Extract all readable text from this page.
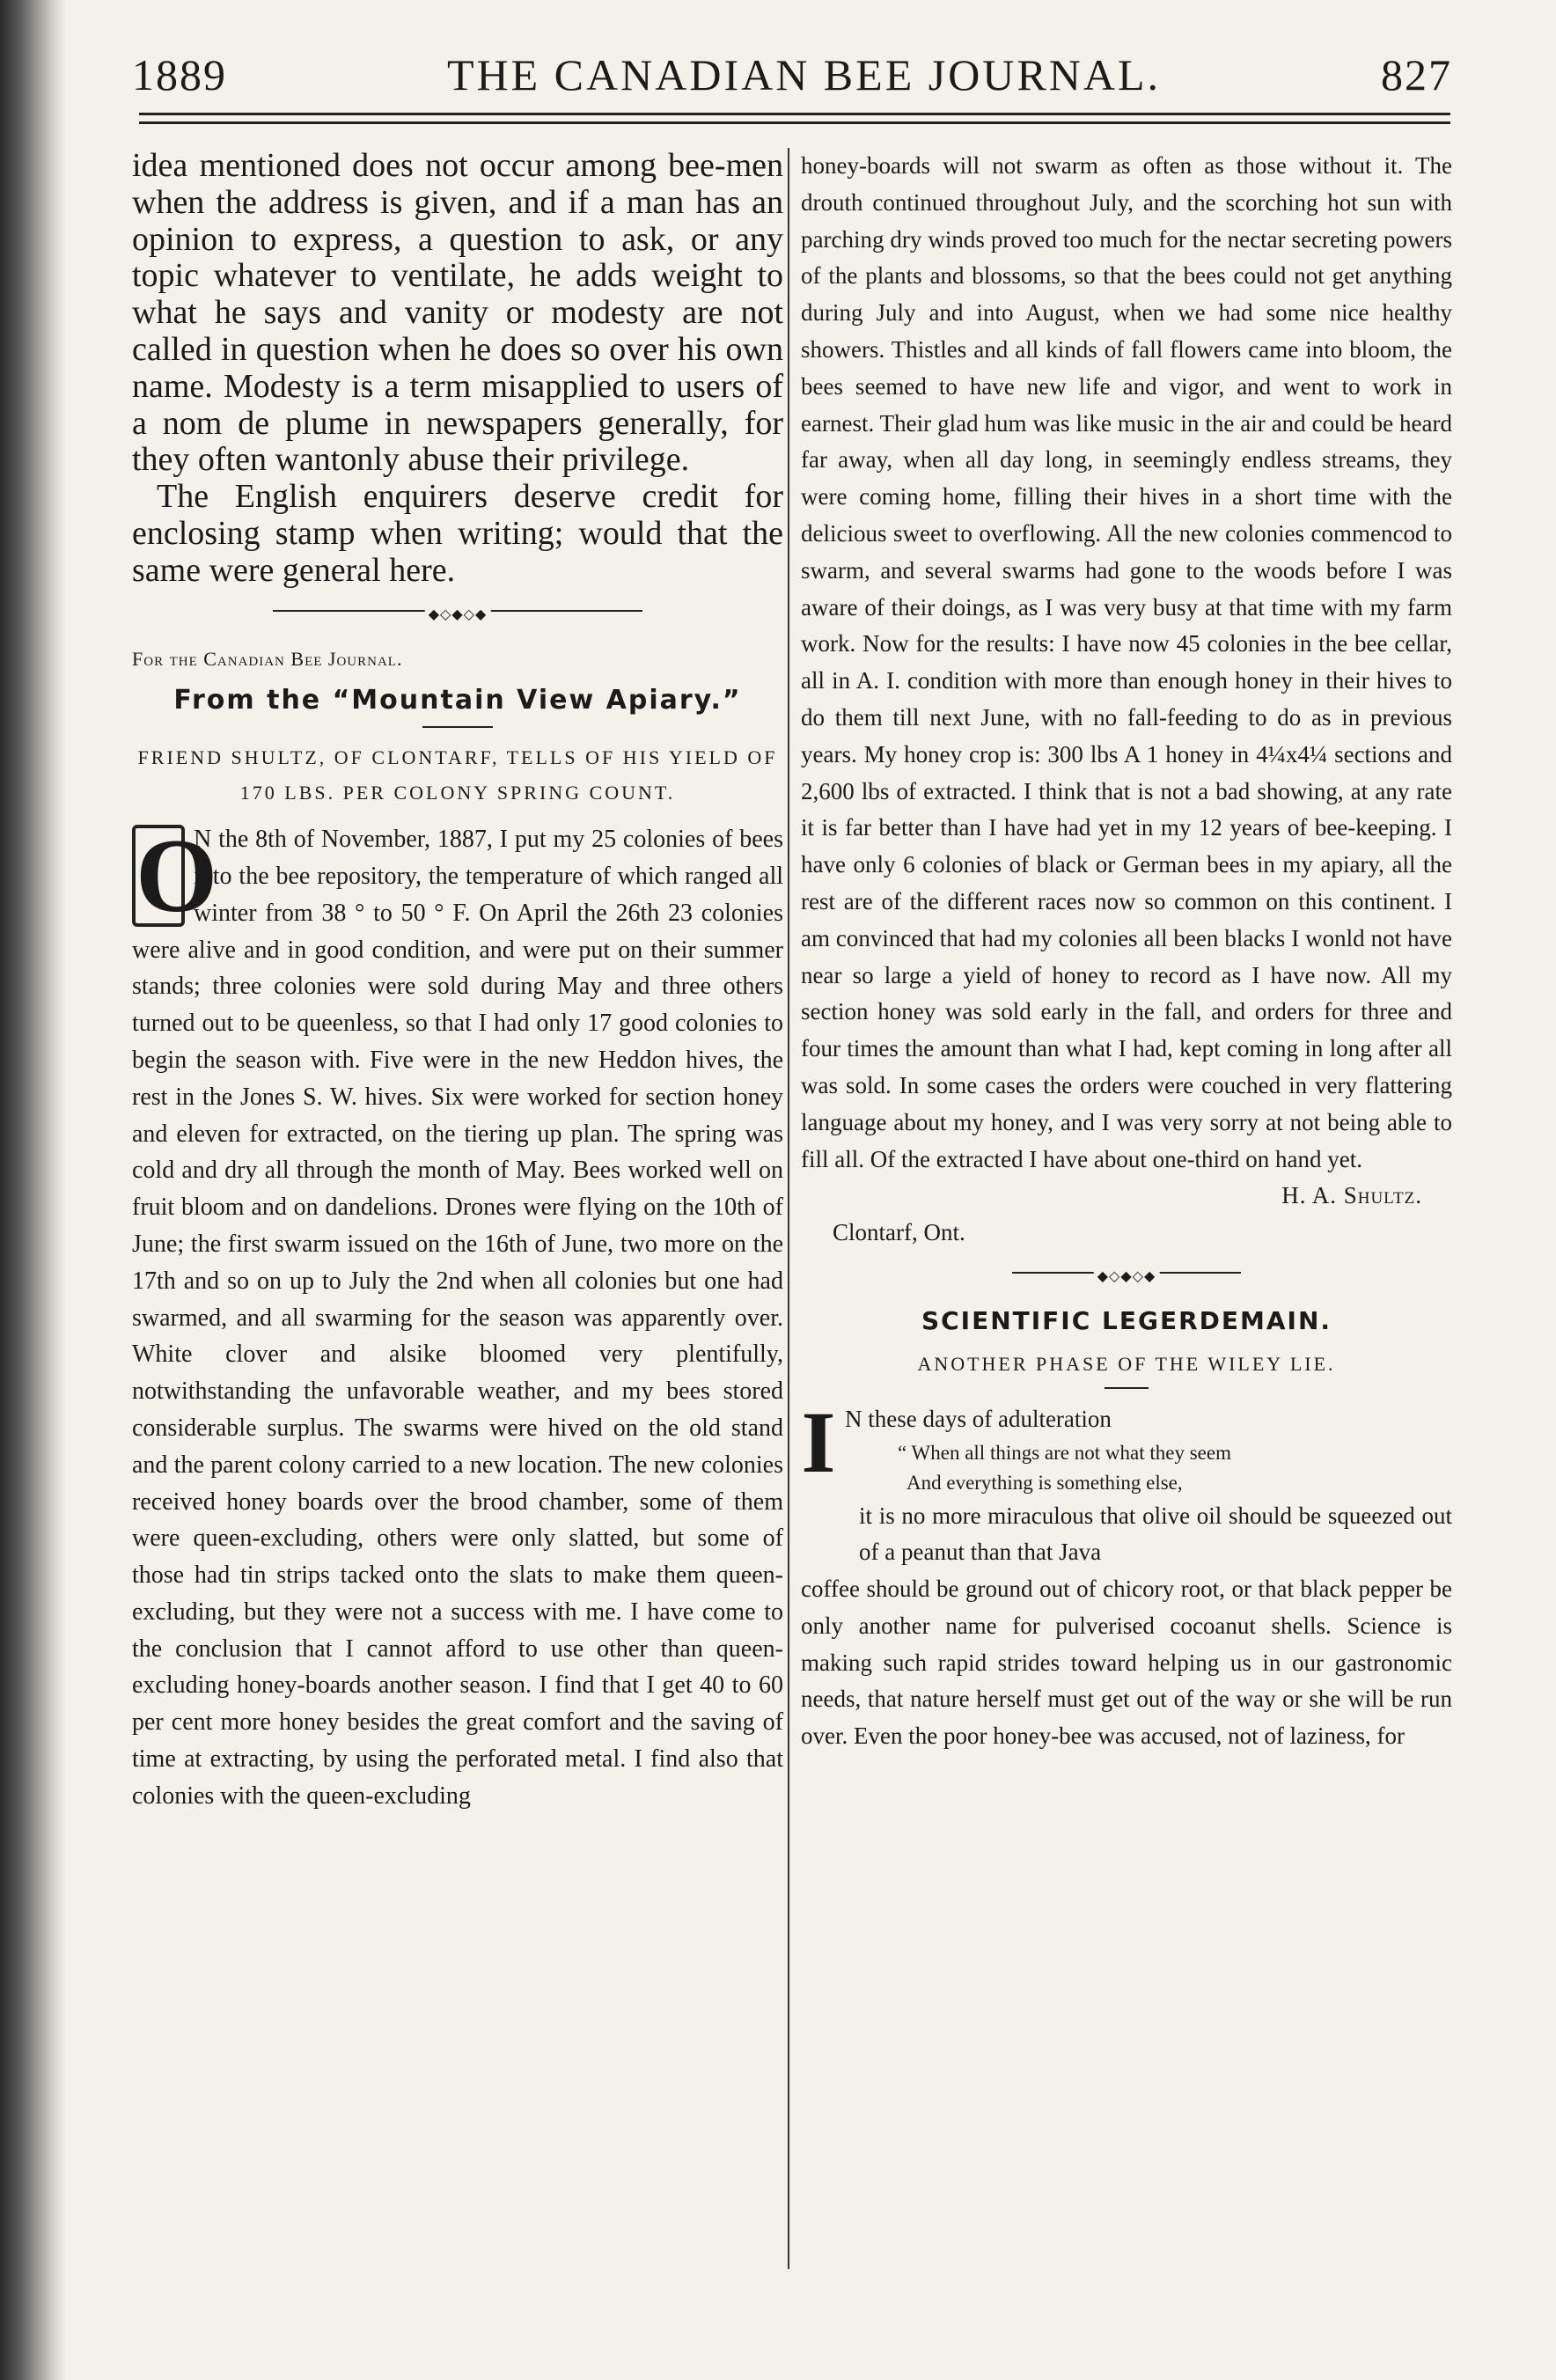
1889	THE CANADIAN BEE JOURNAL.	827

idea mentioned does not occur among bee-men when the address is given, and if a man has an opinion to express, a question to ask, or any topic whatever to ventilate, he adds weight to what he says and vanity or modesty are not called in question when he does so over his own name. Modesty is a term misapplied to users of a nom de plume in newspapers generally, for they often wantonly abuse their privilege.

The English enquirers deserve credit for enclosing stamp when writing; would that the same were general here.

◆◇◆◇◆

For the Canadian Bee Journal.

From the “Mountain View Apiary.”

FRIEND SHULTZ, OF CLONTARF, TELLS OF HIS YIELD OF 170 LBS. PER COLONY SPRING COUNT.

O
N the 8th of November, 1887, I put my 25 colonies of bees into the bee repository, the temperature of which ranged all winter from 38 ° to 50 ° F. On April the 26th 23 colonies were alive and in good condition, and were put on their summer stands; three colonies were sold during May and three others turned out to be queenless, so that I had only 17 good colonies to begin the season with. Five were in the new Heddon hives, the rest in the Jones S. W. hives. Six were worked for section honey and eleven for extracted, on the tiering up plan. The spring was cold and dry all through the month of May. Bees worked well on fruit bloom and on dandelions. Drones were flying on the 10th of June; the first swarm issued on the 16th of June, two more on the 17th and so on up to July the 2nd when all colonies but one had swarmed, and all swarming for the season was apparently over. White clover and alsike bloomed very plentifully, notwithstanding the unfavorable weather, and my bees stored considerable surplus. The swarms were hived on the old stand and the parent colony carried to a new location. The new colonies received honey boards over the brood chamber, some of them were queen-excluding, others were only slatted, but some of those had tin strips tacked onto the slats to make them queen-excluding, but they were not a success with me. I have come to the conclusion that I cannot afford to use other than queen-excluding honey-boards another season. I find that I get 40 to 60 per cent more honey besides the great comfort and the saving of time at extracting, by using the perforated metal. I find also that colonies with the queen-excluding

honey-boards will not swarm as often as those without it. The drouth continued throughout July, and the scorching hot sun with parching dry winds proved too much for the nectar secreting powers of the plants and blossoms, so that the bees could not get anything during July and into August, when we had some nice healthy showers. Thistles and all kinds of fall flowers came into bloom, the bees seemed to have new life and vigor, and went to work in earnest. Their glad hum was like music in the air and could be heard far away, when all day long, in seemingly endless streams, they were coming home, filling their hives in a short time with the delicious sweet to overflowing. All the new colonies commencod to swarm, and several swarms had gone to the woods before I was aware of their doings, as I was very busy at that time with my farm work. Now for the results: I have now 45 colonies in the bee cellar, all in A. I. condition with more than enough honey in their hives to do them till next June, with no fall-feeding to do as in previous years. My honey crop is: 300 lbs A 1 honey in 4¼x4¼ sections and 2,600 lbs of extracted. I think that is not a bad showing, at any rate it is far better than I have had yet in my 12 years of bee-keeping. I have only 6 colonies of black or German bees in my apiary, all the rest are of the different races now so common on this continent. I am convinced that had my colonies all been blacks I wonld not have near so large a yield of honey to record as I have now. All my section honey was sold early in the fall, and orders for three and four times the amount than what I had, kept coming in long after all was sold. In some cases the orders were couched in very flattering language about my honey, and I was very sorry at not being able to fill all. Of the extracted I have about one-third on hand yet.

H. A. Shultz.

Clontarf, Ont.

◆◇◆◇◆

SCIENTIFIC LEGERDEMAIN.

ANOTHER PHASE OF THE WILEY LIE.

I N these days of adulteration

“ When all things are not what they seem
And everything is something else,

it is no more miraculous that olive oil should be squeezed out of a peanut than that Java

coffee should be ground out of chicory root, or that black pepper be only another name for pulverised cocoanut shells. Science is making such rapid strides toward helping us in our gastronomic needs, that nature herself must get out of the way or she will be run over. Even the poor honey-bee was accused, not of laziness, for
